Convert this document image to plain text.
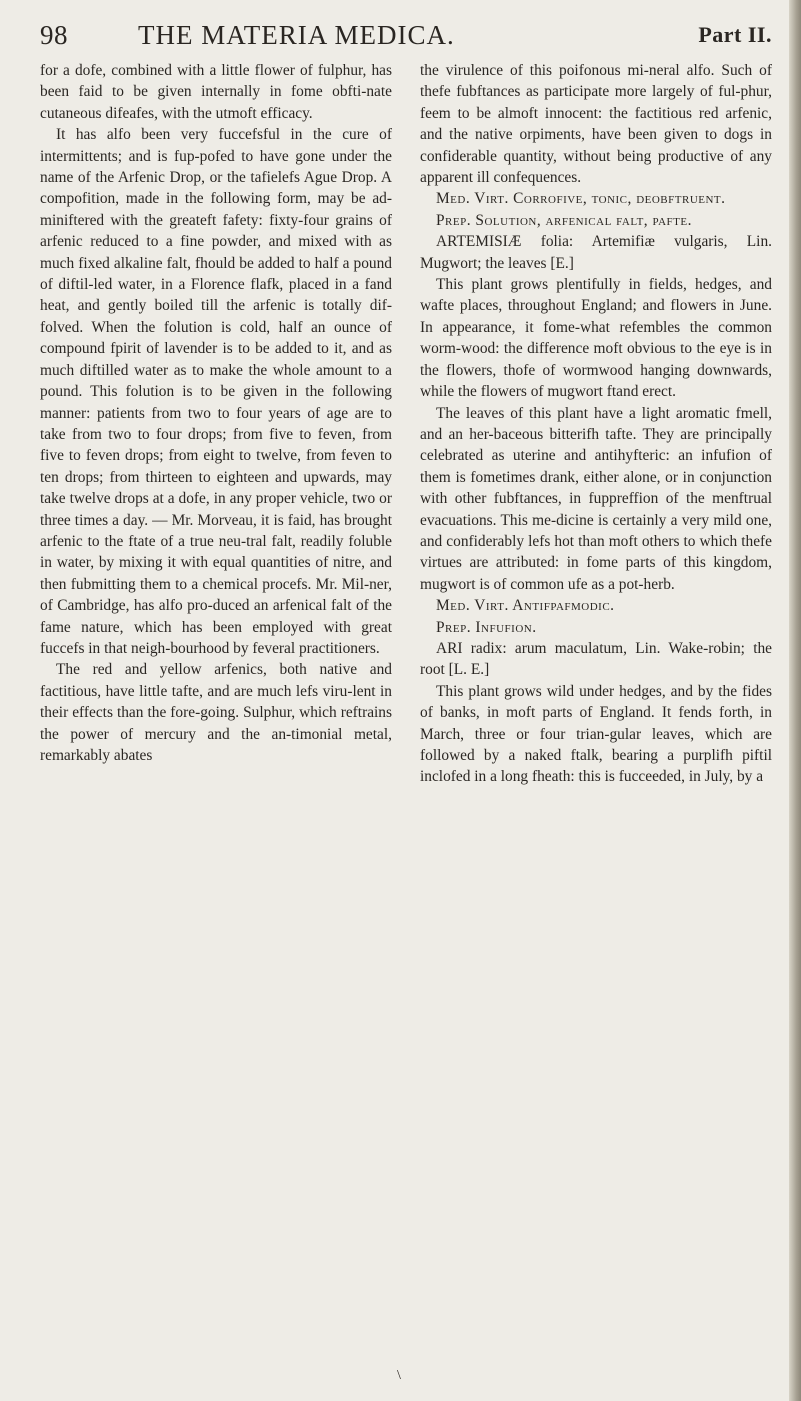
98	THE MATERIA MEDICA.	Part II.

for a dofe, combined with a little flower of fulphur, has been faid to be given internally in fome obfti-nate cutaneous difeafes, with the utmoft efficacy.

It has alfo been very fuccefsful in the cure of intermittents; and is fup-pofed to have gone under the name of the Arfenic Drop, or the tafielefs Ague Drop. A compofition, made in the following form, may be ad-miniftered with the greateft fafety: fixty-four grains of arfenic reduced to a fine powder, and mixed with as much fixed alkaline falt, fhould be added to half a pound of diftil-led water, in a Florence flafk, placed in a fand heat, and gently boiled till the arfenic is totally dif-folved. When the folution is cold, half an ounce of compound fpirit of lavender is to be added to it, and as much diftilled water as to make the whole amount to a pound. This folution is to be given in the following manner: patients from two to four years of age are to take from two to four drops; from five to feven, from five to feven drops; from eight to twelve, from feven to ten drops; from thirteen to eighteen and upwards, may take twelve drops at a dofe, in any proper vehicle, two or three times a day. — Mr. Morveau, it is faid, has brought arfenic to the ftate of a true neu-tral falt, readily foluble in water, by mixing it with equal quantities of nitre, and then fubmitting them to a chemical procefs. Mr. Mil-ner, of Cambridge, has alfo pro-duced an arfenical falt of the fame nature, which has been employed with great fuccefs in that neigh-bourhood by feveral practitioners.

The red and yellow arfenics, both native and factitious, have little tafte, and are much lefs viru-lent in their effects than the fore-going. Sulphur, which reftrains the power of mercury and the an-timonial metal, remarkably abates

the virulence of this poifonous mi-neral alfo. Such of thefe fubftances as participate more largely of ful-phur, feem to be almoft innocent: the factitious red arfenic, and the native orpiments, have been given to dogs in confiderable quantity, without being productive of any apparent ill confequences.

Med. Virt. Corrofive, tonic, deobftruent.

Prep. Solution, arfenical falt, pafte.

ARTEMISIÆ folia: Artemifiæ vulgaris, Lin. Mugwort; the leaves [E.]

This plant grows plentifully in fields, hedges, and wafte places, throughout England; and flowers in June. In appearance, it fome-what refembles the common worm-wood: the difference moft obvious to the eye is in the flowers, thofe of wormwood hanging downwards, while the flowers of mugwort ftand erect.

The leaves of this plant have a light aromatic fmell, and an her-baceous bitterifh tafte. They are principally celebrated as uterine and antihyfteric: an infufion of them is fometimes drank, either alone, or in conjunction with other fubftances, in fuppreffion of the menftrual evacuations. This me-dicine is certainly a very mild one, and confiderably lefs hot than moft others to which thefe virtues are attributed: in fome parts of this kingdom, mugwort is of common ufe as a pot-herb.

Med. Virt. Antifpafmodic.

Prep. Infufion.

ARI radix: arum maculatum, Lin. Wake-robin; the root [L. E.]

This plant grows wild under hedges, and by the fides of banks, in moft parts of England. It fends forth, in March, three or four trian-gular leaves, which are followed by a naked ftalk, bearing a purplifh piftil inclofed in a long fheath: this is fucceeded, in July, by a

\
